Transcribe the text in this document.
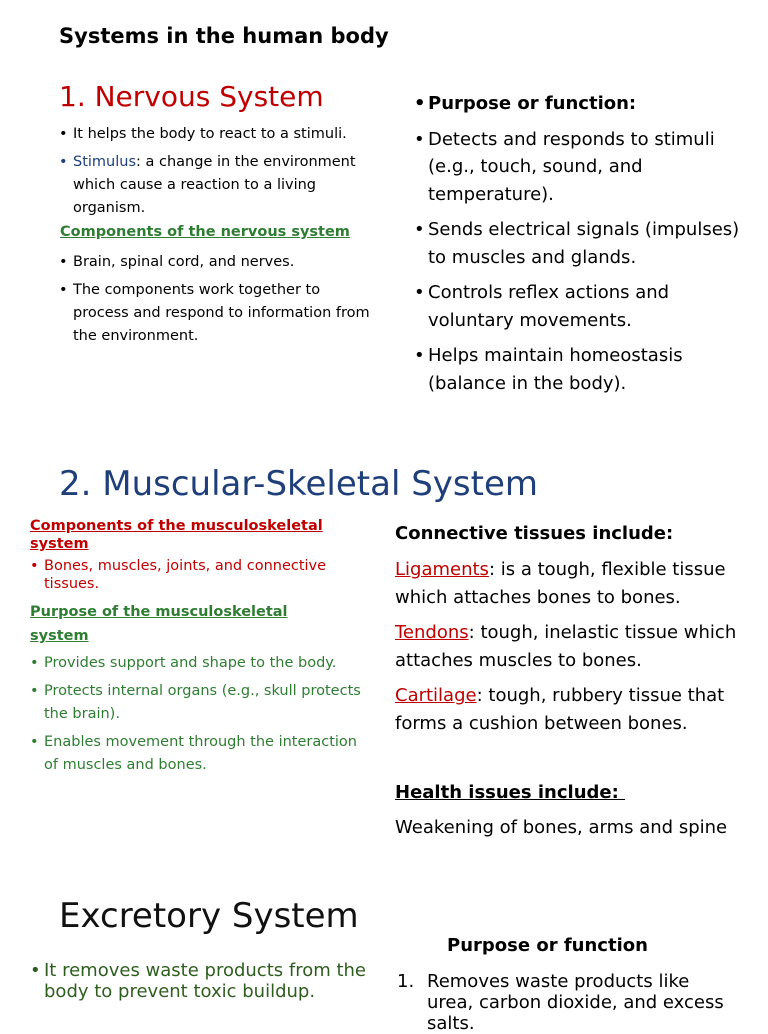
Systems in the human body
1. Nervous System
• It helps the body to react to a stimuli.
• Stimulus: a change in the environment which cause a reaction to a living organism.
Components of the nervous system
• Brain, spinal cord, and nerves.
• The components work together to process and respond to information from the environment.
• Purpose or function:
• Detects and responds to stimuli (e.g., touch, sound, and temperature).
• Sends electrical signals (impulses) to muscles and glands.
• Controls reflex actions and voluntary movements.
• Helps maintain homeostasis (balance in the body).
2. Muscular-Skeletal System
Components of the musculoskeletal system
• Bones, muscles, joints, and connective tissues.
Purpose of the musculoskeletal system
• Provides support and shape to the body.
• Protects internal organs (e.g., skull protects the brain).
• Enables movement through the interaction of muscles and bones.
Connective tissues include:
Ligaments: is a tough, flexible tissue which attaches bones to bones.
Tendons: tough, inelastic tissue which attaches muscles to bones.
Cartilage: tough, rubbery tissue that forms a cushion between bones.
Health issues include:
Weakening of bones, arms and spine
Excretory System
• It removes waste products from the body to prevent toxic buildup.
Purpose or function
1. Removes waste products like urea, carbon dioxide, and excess salts.
